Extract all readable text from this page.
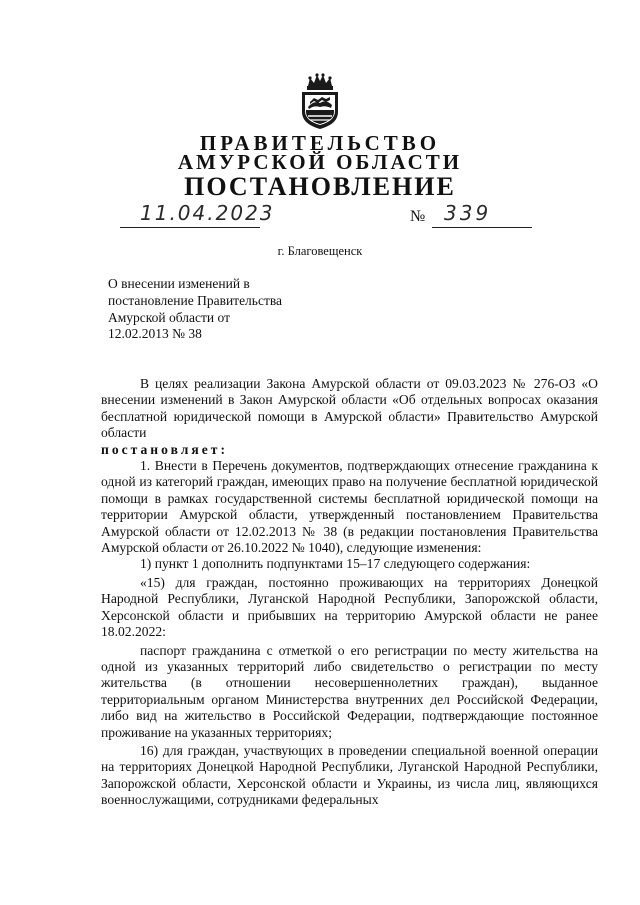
ПРАВИТЕЛЬСТВО
АМУРСКОЙ ОБЛАСТИ
ПОСТАНОВЛЕНИЕ
11.04.2023	№ 339
г. Благовещенск
О внесении изменений в
постановление Правительства
Амурской области от
12.02.2013 № 38

В целях реализации Закона Амурской области от 09.03.2023 № 276-ОЗ «О внесении изменений в Закон Амурской области «Об отдельных вопросах оказания бесплатной юридической помощи в Амурской области» Правительство Амурской области

постановляет:

1. Внести в Перечень документов, подтверждающих отнесение гражданина к одной из категорий граждан, имеющих право на получение бесплатной юридической помощи в рамках государственной системы бесплатной юридической помощи на территории Амурской области, утвержденный постановлением Правительства Амурской области от 12.02.2013 № 38 (в редакции постановления Правительства Амурской области от 26.10.2022 № 1040), следующие изменения:

1) пункт 1 дополнить подпунктами 15–17 следующего содержания:

«15) для граждан, постоянно проживающих на территориях Донецкой Народной Республики, Луганской Народной Республики, Запорожской области, Херсонской области и прибывших на территорию Амурской области не ранее 18.02.2022:

паспорт гражданина с отметкой о его регистрации по месту жительства на одной из указанных территорий либо свидетельство о регистрации по месту жительства (в отношении несовершеннолетних граждан), выданное территориальным органом Министерства внутренних дел Российской Федерации, либо вид на жительство в Российской Федерации, подтверждающие постоянное проживание на указанных территориях;

16) для граждан, участвующих в проведении специальной военной операции на территориях Донецкой Народной Республики, Луганской Народной Республики, Запорожской области, Херсонской области и Украины, из числа лиц, являющихся военнослужащими, сотрудниками федеральных
